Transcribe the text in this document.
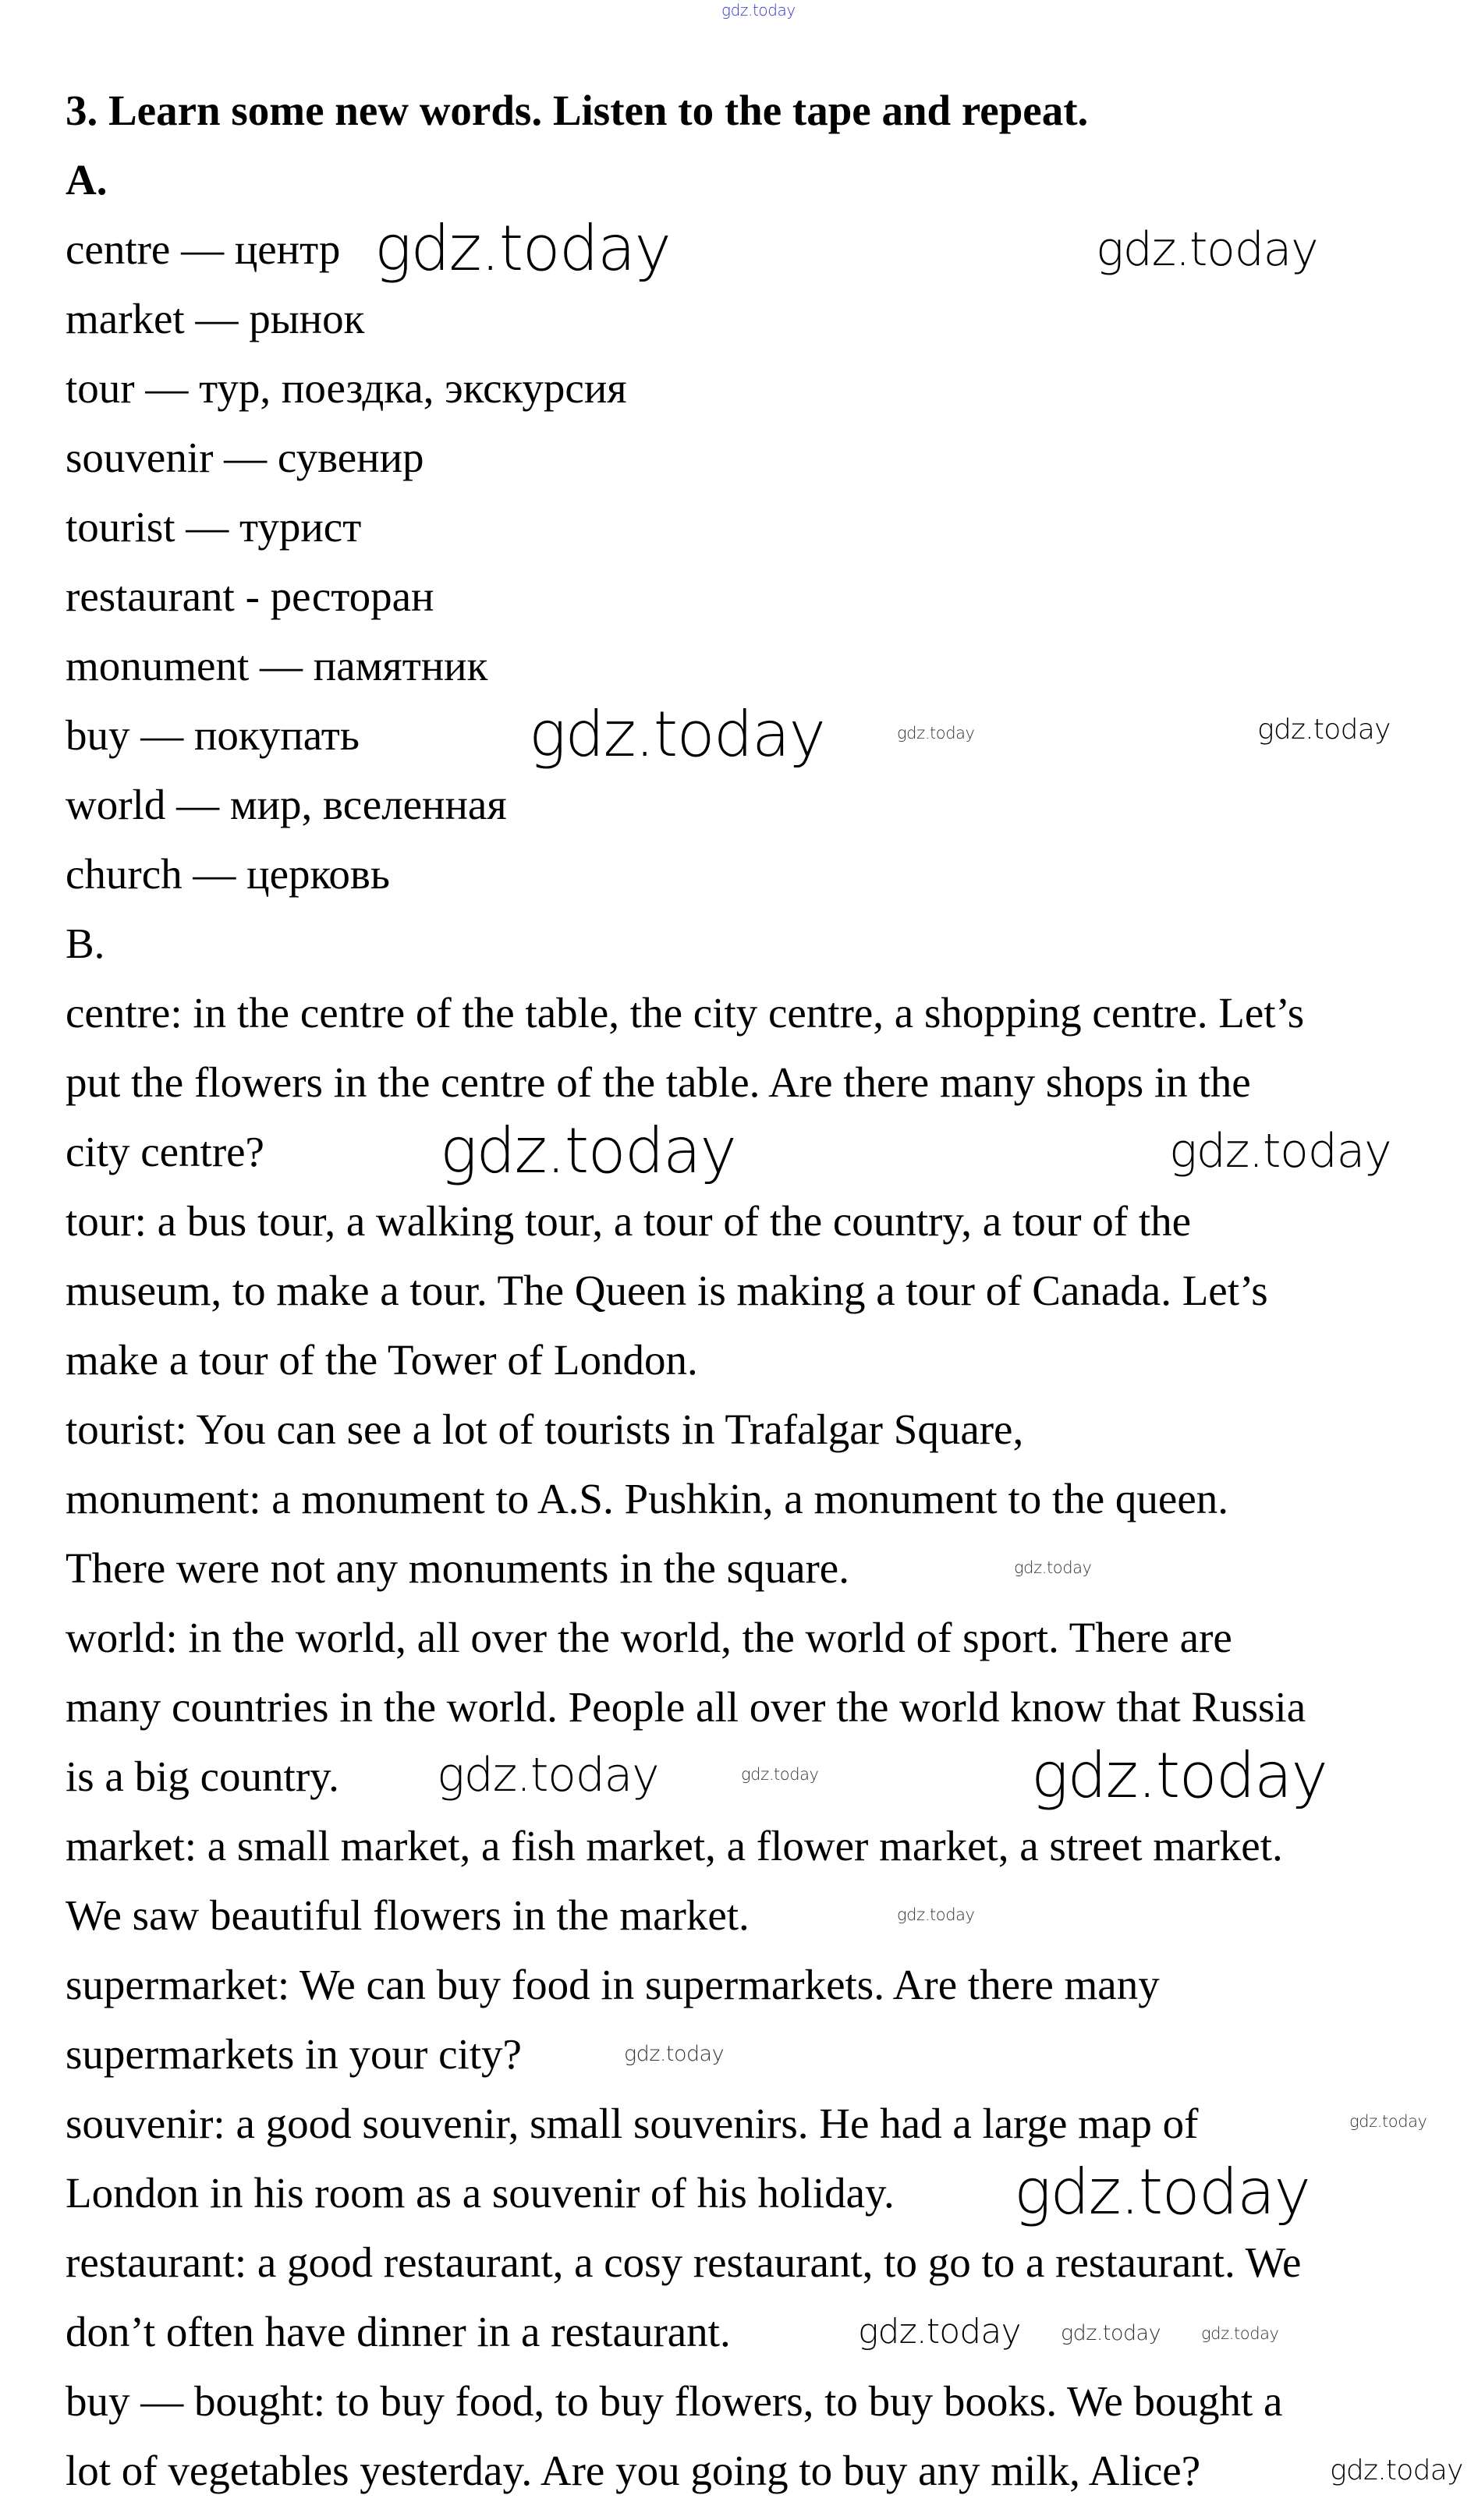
3. Learn some new words. Listen to the tape and repeat.
A.
centre — центр
market — рынок
tour — тур, поездка, экскурсия
souvenir — сувенир
tourist — турист
restaurant - ресторан
monument — памятник
buy — покупать
world — мир, вселенная
church — церковь
B.
centre: in the centre of the table, the city centre, a shopping centre. Let’s
put the flowers in the centre of the table. Are there many shops in the
city centre?
tour: a bus tour, a walking tour, a tour of the country, a tour of the
museum, to make a tour. The Queen is making a tour of Canada. Let’s
make a tour of the Tower of London.
tourist: You can see a lot of tourists in Trafalgar Square,
monument: a monument to A.S. Pushkin, a monument to the queen.
There were not any monuments in the square.
world: in the world, all over the world, the world of sport. There are
many countries in the world. People all over the world know that Russia
is a big country.
market: a small market, a fish market, a flower market, a street market.
We saw beautiful flowers in the market.
supermarket: We can buy food in supermarkets. Are there many
supermarkets in your city?
souvenir: a good souvenir, small souvenirs. He had a large map of
London in his room as a souvenir of his holiday.
restaurant: a good restaurant, a cosy restaurant, to go to a restaurant. We
don’t often have dinner in a restaurant.
buy — bought: to buy food, to buy flowers, to buy books. We bought a
lot of vegetables yesterday. Are you going to buy any milk, Alice?
gdz.today
gdz.today	gdz.today
gdz.today	gdz.today	gdz.today
gdz.today	gdz.today
gdz.today
gdz.today	gdz.today	gdz.today
gdz.today
gdz.today
gdz.today
gdz.today
gdz.today gdz.today gdz.today
gdz.today
